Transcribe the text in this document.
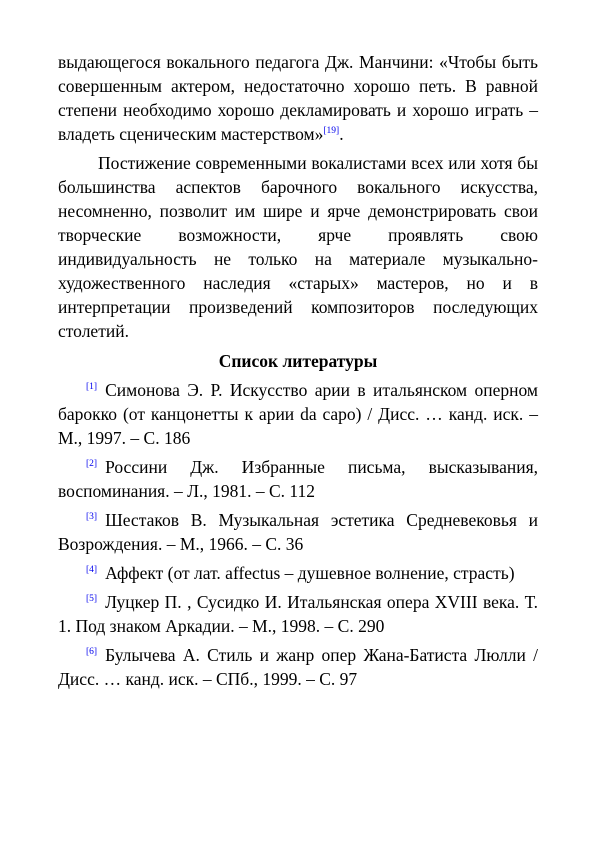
выдающегося вокального педагога Дж. Манчини: «Чтобы быть совершенным актером, недостаточно хорошо петь. В равной степени необходимо хорошо декламировать и хорошо играть – владеть сценическим мастерством»[19].

Постижение современными вокалистами всех или хотя бы большинства аспектов барочного вокального искусства, несомненно, позволит им шире и ярче демонстрировать свои творческие возможности, ярче проявлять свою индивидуальность не только на материале музыкально-художественного наследия «старых» мастеров, но и в интерпретации произведений композиторов последующих столетий.

Список литературы

[1] Симонова Э. Р. Искусство арии в итальянском оперном барокко (от канцонетты к арии da capo) / Дисс. … канд. иск. – М., 1997. – С. 186

[2] Россини Дж. Избранные письма, высказывания, воспоминания. – Л., 1981. – С. 112

[3] Шестаков В. Музыкальная эстетика Средневековья и Возрождения. – М., 1966. – С. 36

[4] Аффект (от лат. affectus – душевное волнение, страсть)

[5] Луцкер П. , Сусидко И. Итальянская опера XVIII века. Т. 1. Под знаком Аркадии. – М., 1998. – С. 290

[6] Булычева А. Стиль и жанр опер Жана-Батиста Люлли / Дисс. … канд. иск. – СПб., 1999. – С. 97
